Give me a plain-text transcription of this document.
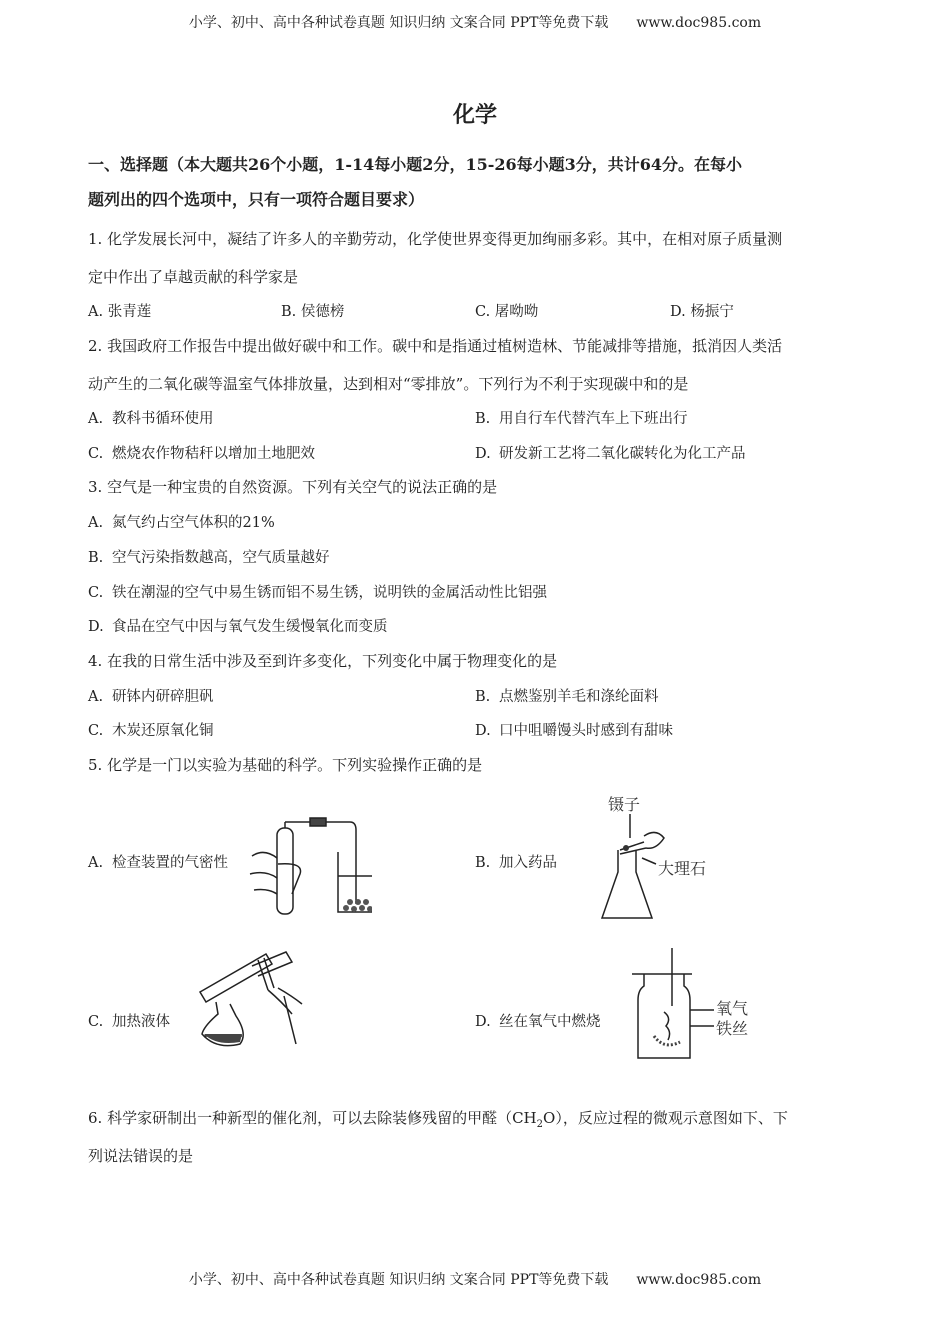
小学、初中、高中各种试卷真题 知识归纳 文案合同 PPT等免费下载 www.doc985.com
小学、初中、高中各种试卷真题 知识归纳 文案合同 PPT等免费下载 www.doc985.com
化学
一、选择题（本大题共26个小题，1-14每小题2分，15-26每小题3分，共计64分。在每小
题列出的四个选项中，只有一项符合题目要求）
1. 化学发展长河中，凝结了许多人的辛勤劳动，化学使世界变得更加绚丽多彩。其中，在相对原子质量测
定中作出了卓越贡献的科学家是
A. 张青莲	B. 侯德榜	C. 屠呦呦	D. 杨振宁
2. 我国政府工作报告中提出做好碳中和工作。碳中和是指通过植树造林、节能减排等措施，抵消因人类活
动产生的二氧化碳等温室气体排放量，达到相对“零排放”。下列行为不利于实现碳中和的是
A. 教科书循环使用	B. 用自行车代替汽车上下班出行
C. 燃烧农作物秸秆以增加土地肥效	D. 研发新工艺将二氧化碳转化为化工产品
3. 空气是一种宝贵的自然资源。下列有关空气的说法正确的是
A. 氮气约占空气体积的21%
B. 空气污染指数越高，空气质量越好
C. 铁在潮湿的空气中易生锈而铝不易生锈，说明铁的金属活动性比铝强
D. 食品在空气中因与氧气发生缓慢氧化而变质
4. 在我的日常生活中涉及至到许多变化，下列变化中属于物理变化的是
A. 研钵内研碎胆矾	B. 点燃鉴别羊毛和涤纶面料
C. 木炭还原氧化铜	D. 口中咀嚼馒头时感到有甜味
5. 化学是一门以实验为基础的科学。下列实验操作正确的是
A. 检查装置的气密性	B. 加入药品
C. 加热液体	D. 丝在氧气中燃烧
镊子
大理石
氧气
铁丝
6. 科学家研制出一种新型的催化剂，可以去除装修残留的甲醛$(CH_2O)$，反应过程的微观示意图如下、下
列说法错误的是
